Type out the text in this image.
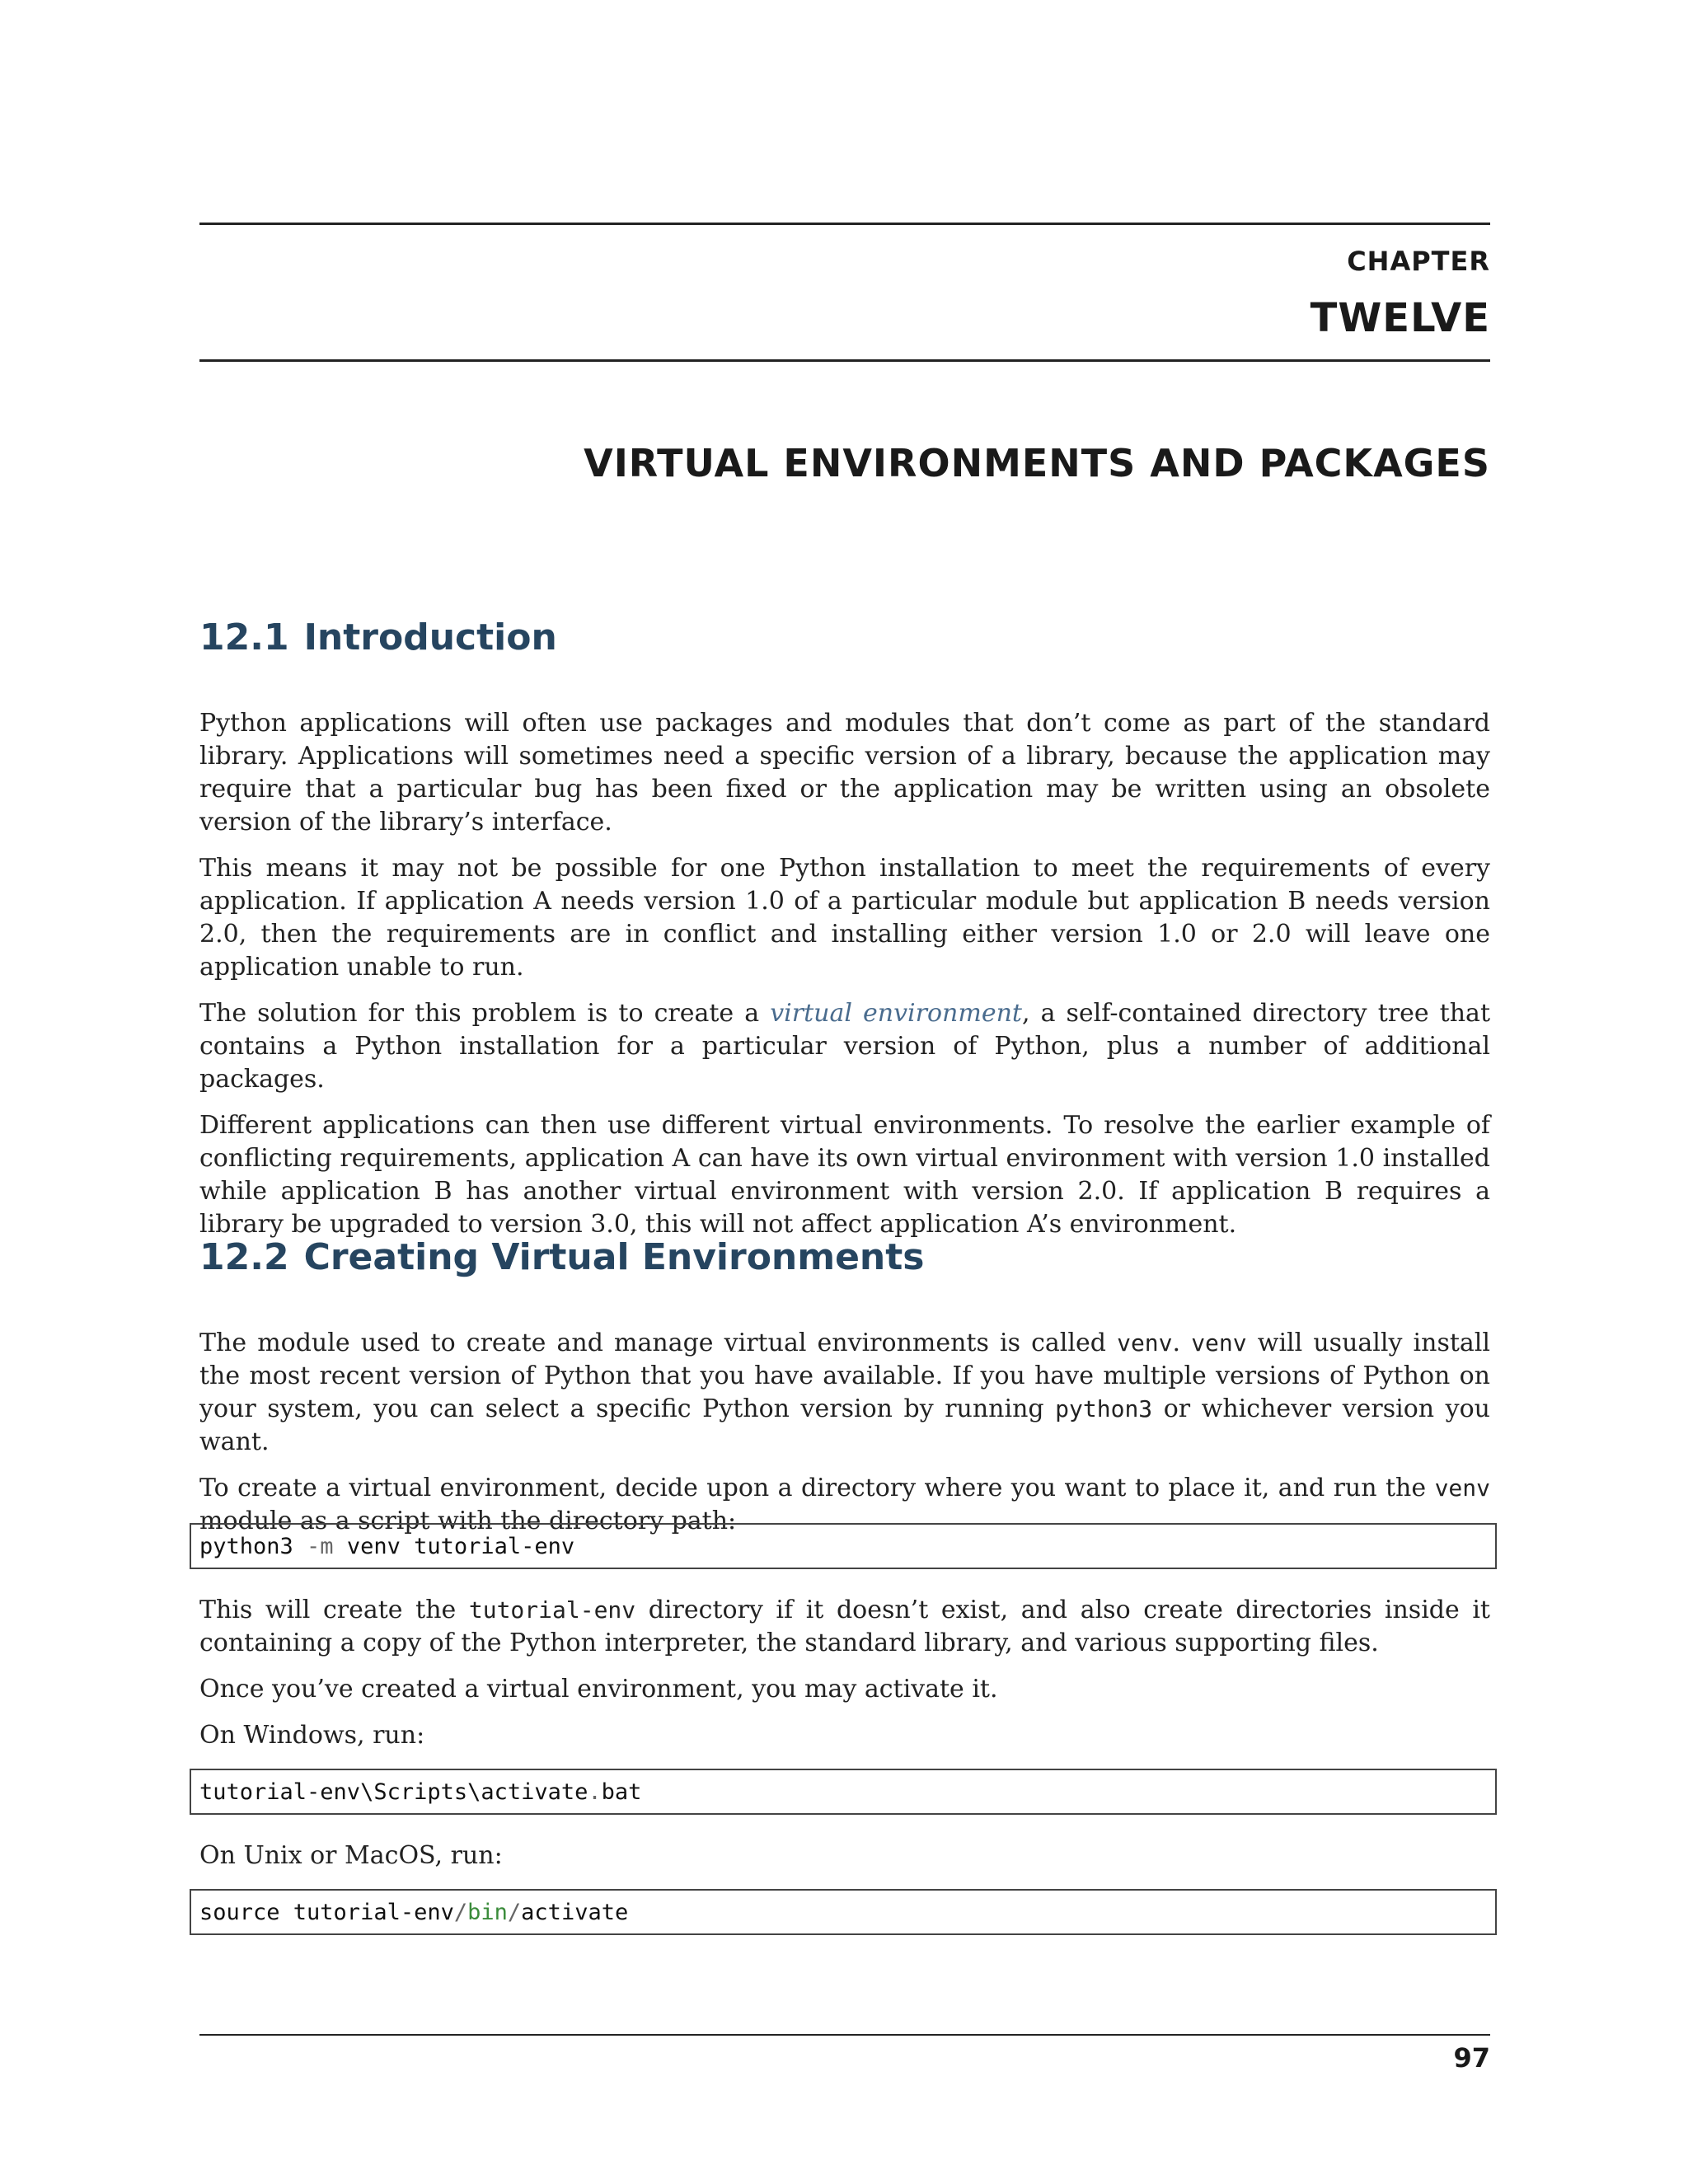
CHAPTER
TWELVE
VIRTUAL ENVIRONMENTS AND PACKAGES
12.1 Introduction

Python applications will often use packages and modules that don’t come as part of the standard library. Applications will sometimes need a specific version of a library, because the application may require that a particular bug has been fixed or the application may be written using an obsolete version of the library’s interface.

This means it may not be possible for one Python installation to meet the requirements of every application. If application A needs version 1.0 of a particular module but application B needs version 2.0, then the requirements are in conflict and installing either version 1.0 or 2.0 will leave one application unable to run.

The solution for this problem is to create a virtual environment, a self-contained directory tree that contains a Python installation for a particular version of Python, plus a number of additional packages.

Different applications can then use different virtual environments. To resolve the earlier example of conflicting requirements, application A can have its own virtual environment with version 1.0 installed while application B has another virtual environment with version 2.0. If application B requires a library be upgraded to version 3.0, this will not affect application A’s environment.

12.2 Creating Virtual Environments

The module used to create and manage virtual environments is called venv. venv will usually install the most recent version of Python that you have available. If you have multiple versions of Python on your system, you can select a specific Python version by running python3 or whichever version you want.

To create a virtual environment, decide upon a directory where you want to place it, and run the venv module as a script with the directory path:

python3 -m venv tutorial-env

This will create the tutorial-env directory if it doesn’t exist, and also create directories inside it containing a copy of the Python interpreter, the standard library, and various supporting files.

Once you’ve created a virtual environment, you may activate it.

On Windows, run:

tutorial-env\Scripts\activate . bat

On Unix or MacOS, run:

source tutorial-env / bin / activate
97
